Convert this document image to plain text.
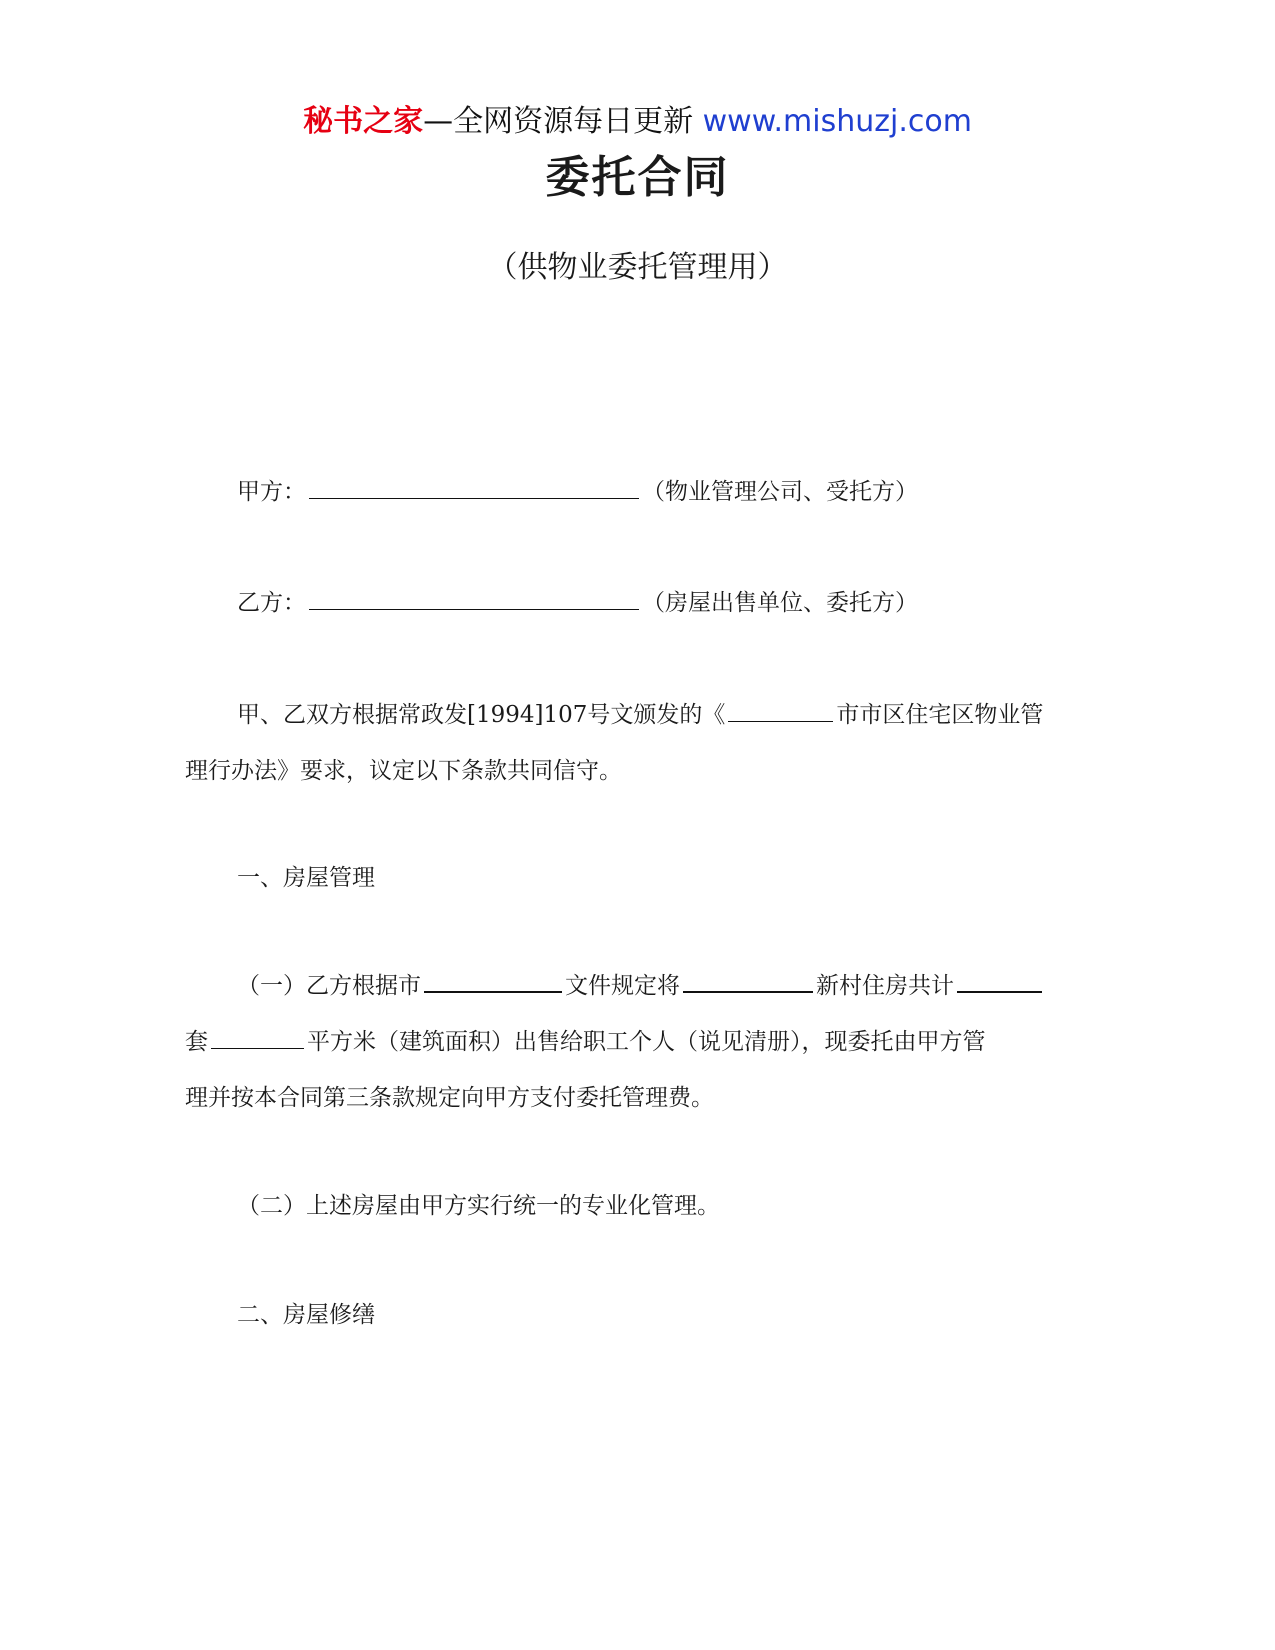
秘书之家—全网资源每日更新 www.mishuzj.com
委托合同
（供物业委托管理用）
甲方：	（物业管理公司、受托方）
乙方：	（房屋出售单位、委托方）
甲、乙双方根据常政发[1994]107号文颁发的《	市市区住宅区物业管
理行办法》要求，议定以下条款共同信守。
一、房屋管理
（一）乙方根据市	文件规定将	新村住房共计
套	平方米（建筑面积）出售给职工个人（说见清册），现委托由甲方管
理并按本合同第三条款规定向甲方支付委托管理费。
（二）上述房屋由甲方实行统一的专业化管理。
二、房屋修缮
